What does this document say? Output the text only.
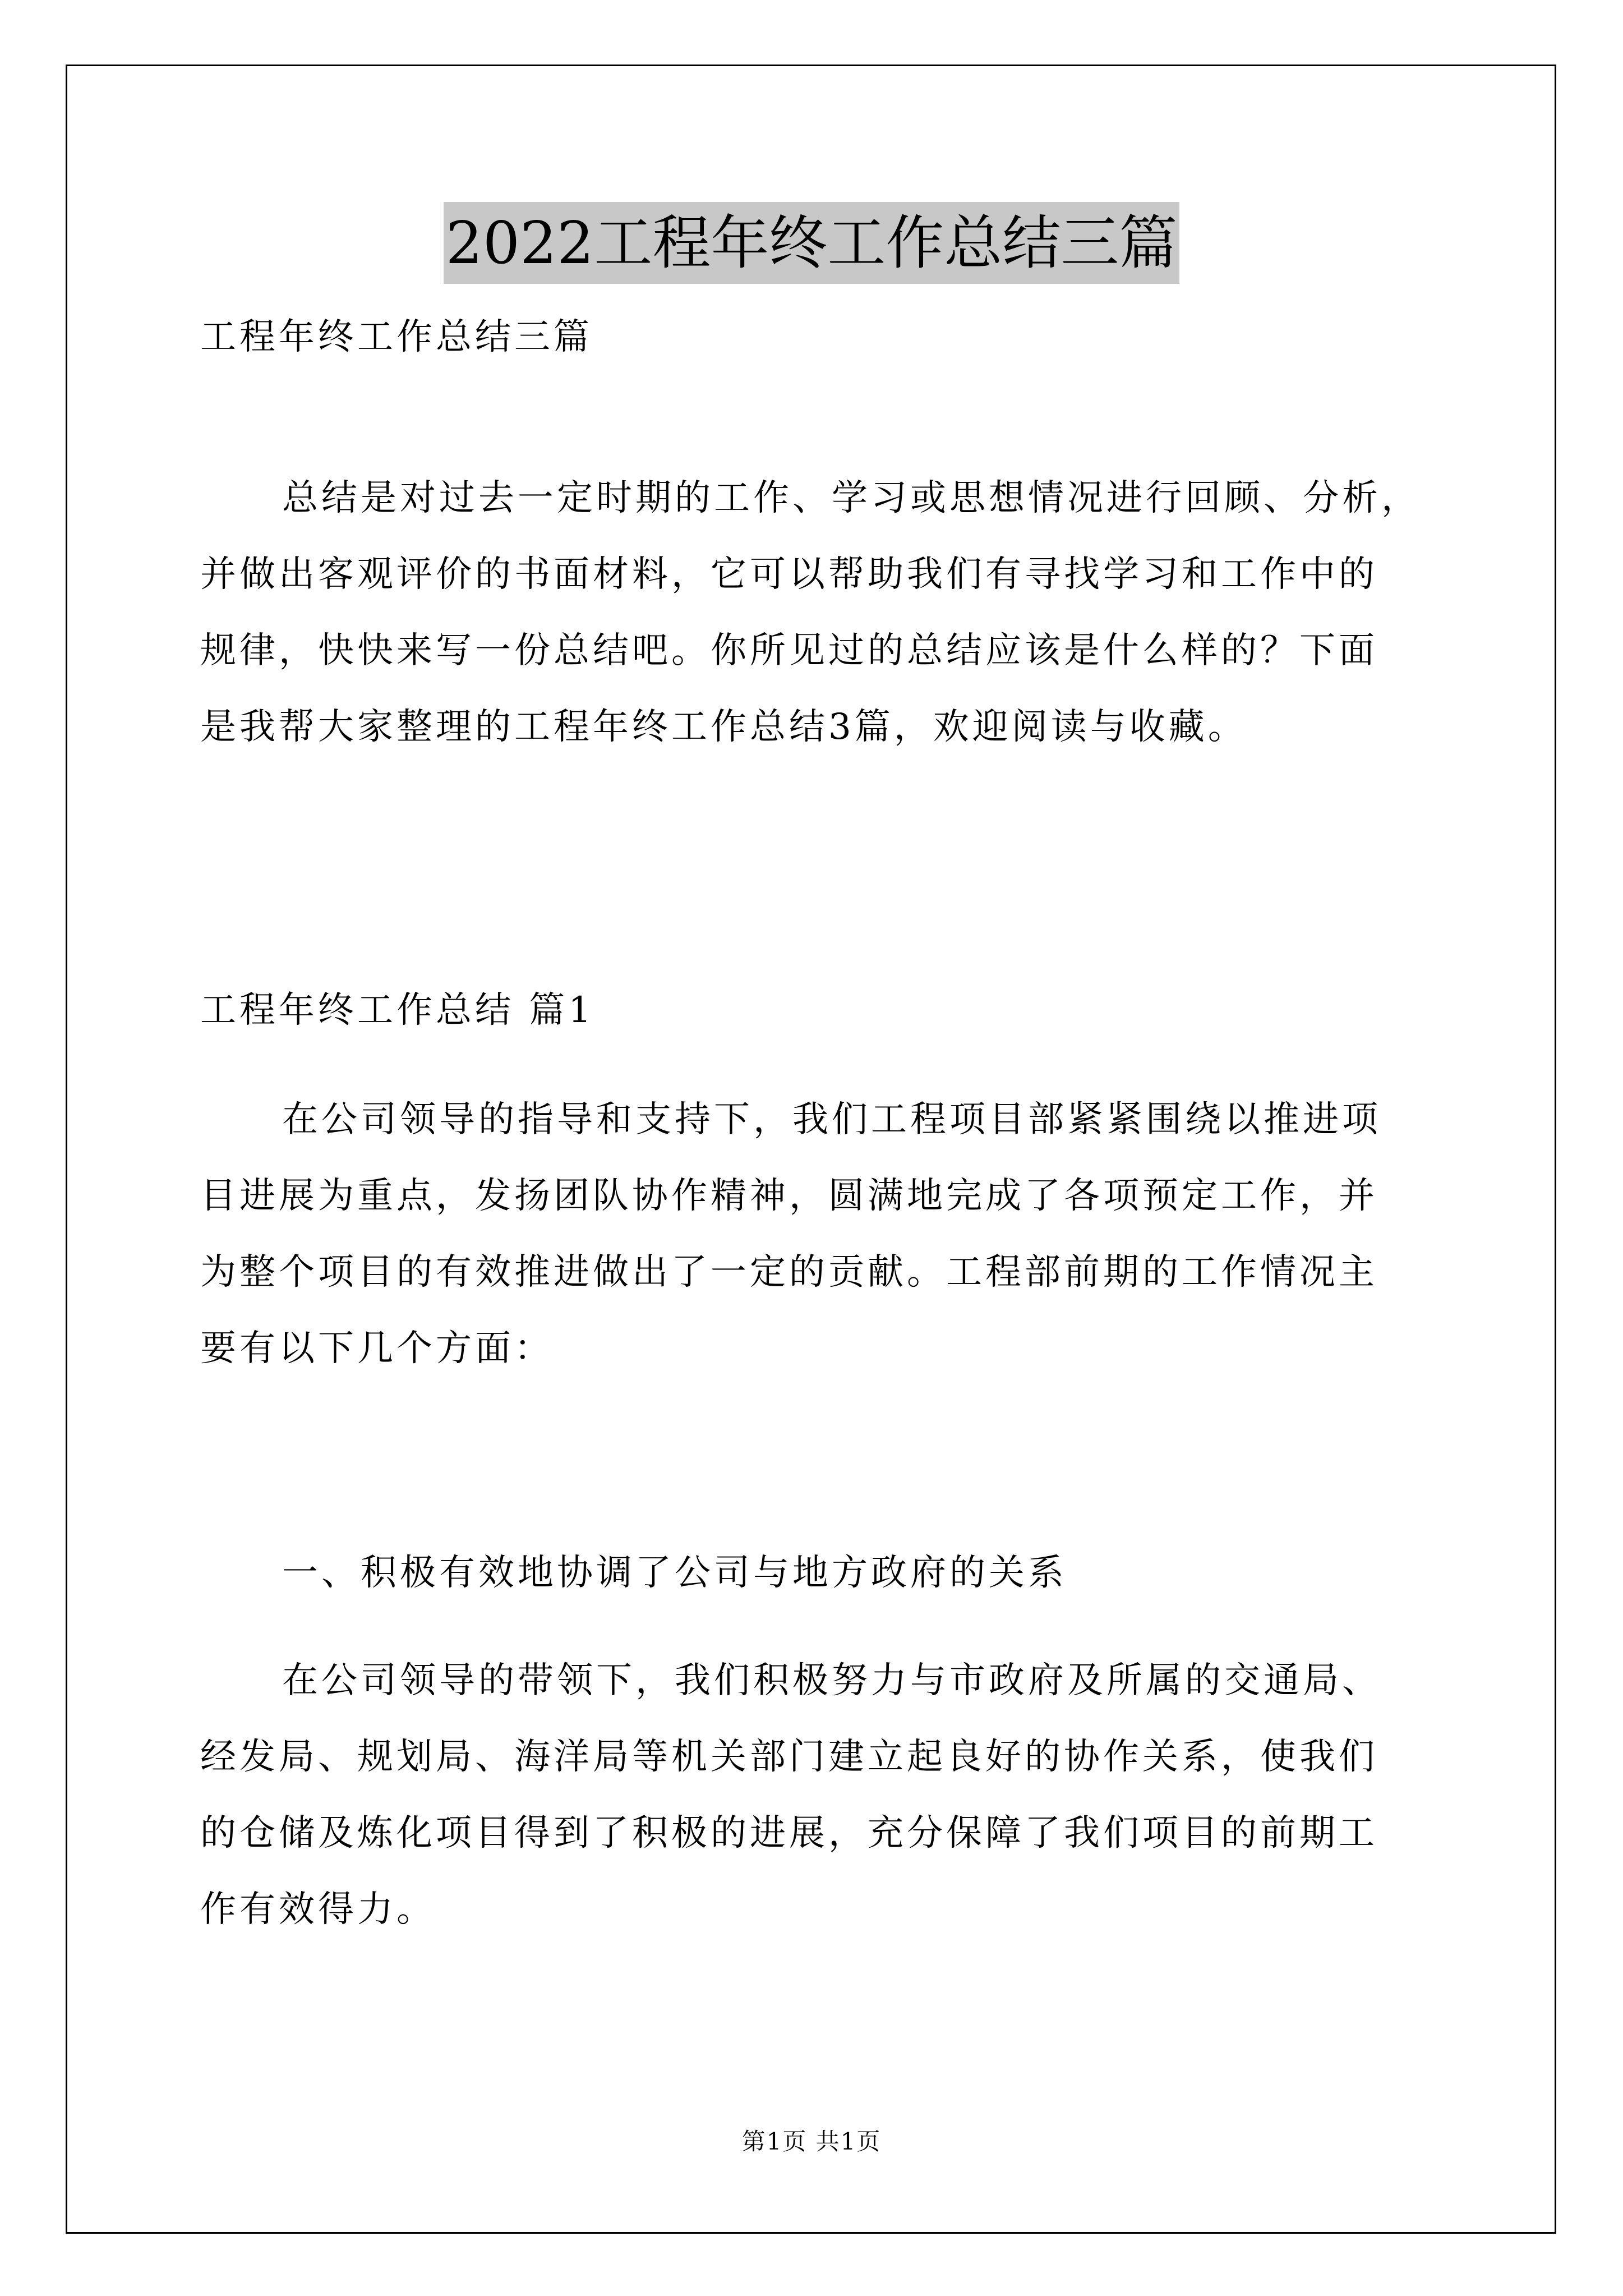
2022工程年终工作总结三篇
工程年终工作总结三篇
总结是对过去一定时期的工作、学习或思想情况进行回顾、分析，
并做出客观评价的书面材料，它可以帮助我们有寻找学习和工作中的
规律，快快来写一份总结吧。你所见过的总结应该是什么样的？下面
是我帮大家整理的工程年终工作总结3篇，欢迎阅读与收藏。
工程年终工作总结 篇1
在公司领导的指导和支持下，我们工程项目部紧紧围绕以推进项
目进展为重点，发扬团队协作精神，圆满地完成了各项预定工作，并
为整个项目的有效推进做出了一定的贡献。工程部前期的工作情况主
要有以下几个方面：
一、积极有效地协调了公司与地方政府的关系
在公司领导的带领下，我们积极努力与市政府及所属的交通局、
经发局、规划局、海洋局等机关部门建立起良好的协作关系，使我们
的仓储及炼化项目得到了积极的进展，充分保障了我们项目的前期工
作有效得力。
第1页 共1页
